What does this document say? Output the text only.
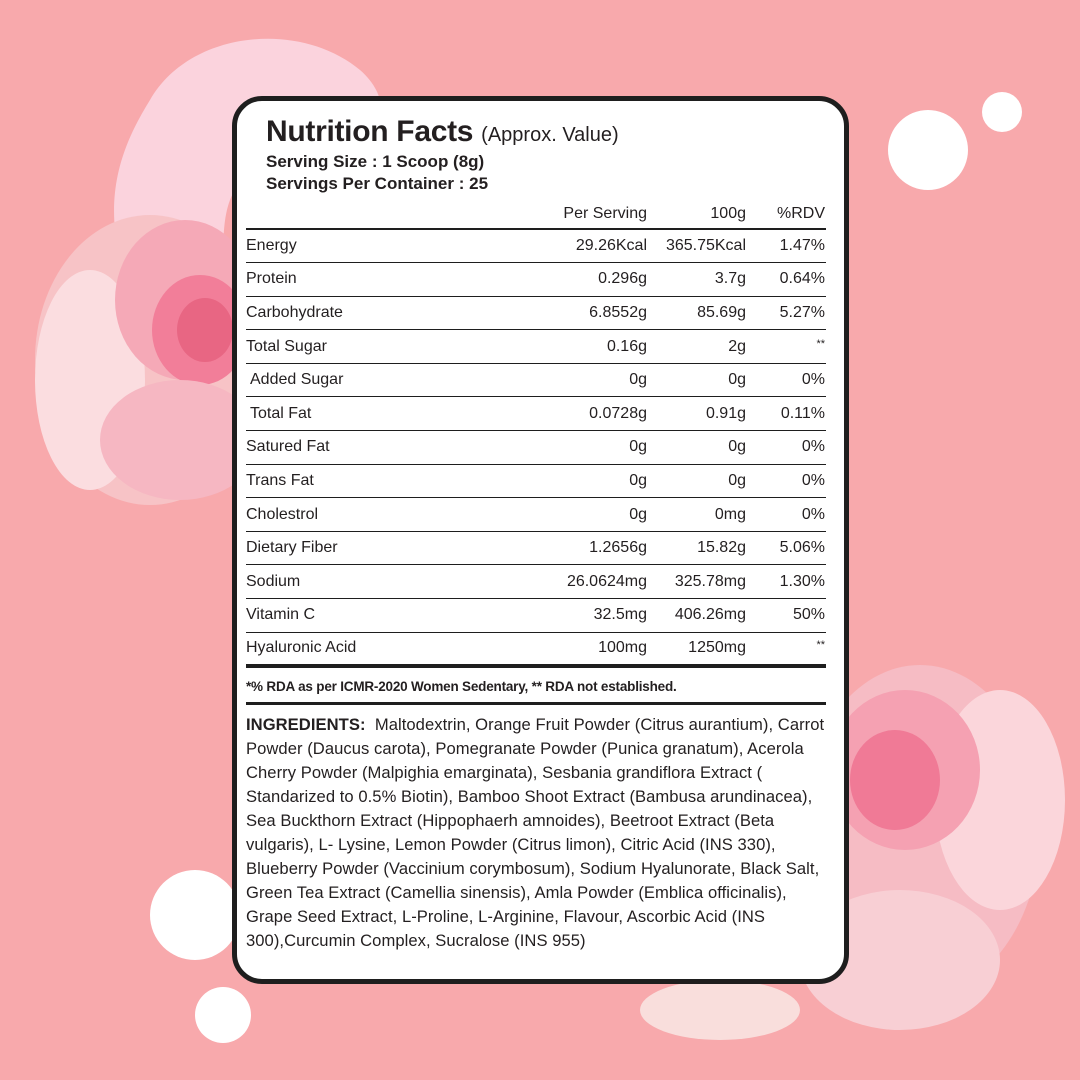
Nutrition Facts (Approx. Value)
Serving Size : 1 Scoop (8g)
Servings Per Container : 25
	Per Serving	100g	%RDV
Energy	29.26Kcal	365.75Kcal	1.47%
Protein	0.296g	3.7g	0.64%
Carbohydrate	6.8552g	85.69g	5.27%
Total Sugar	0.16g	2g	**
Added Sugar	0g	0g	0%
Total Fat	0.0728g	0.91g	0.11%
Satured Fat	0g	0g	0%
Trans Fat	0g	0g	0%
Cholestrol	0g	0mg	0%
Dietary Fiber	1.2656g	15.82g	5.06%
Sodium	26.0624mg	325.78mg	1.30%
Vitamin C	32.5mg	406.26mg	50%
Hyaluronic Acid	100mg	1250mg	**
*% RDA as per ICMR-2020 Women Sedentary, ** RDA not established.
INGREDIENTS: Maltodextrin, Orange Fruit Powder (Citrus aurantium), Carrot Powder (Daucus carota), Pomegranate Powder (Punica granatum), Acerola Cherry Powder (Malpighia emarginata), Sesbania grandiflora Extract ( Standarized to 0.5% Biotin), Bamboo Shoot Extract (Bambusa arundinacea), Sea Buckthorn Extract (Hippophaerh amnoides), Beetroot Extract (Beta vulgaris), L- Lysine, Lemon Powder (Citrus limon), Citric Acid (INS 330), Blueberry Powder (Vaccinium corymbosum), Sodium Hyalunorate, Black Salt, Green Tea Extract (Camellia sinensis), Amla Powder (Emblica officinalis), Grape Seed Extract, L-Proline, L-Arginine, Flavour, Ascorbic Acid (INS 300),Curcumin Complex, Sucralose (INS 955)
